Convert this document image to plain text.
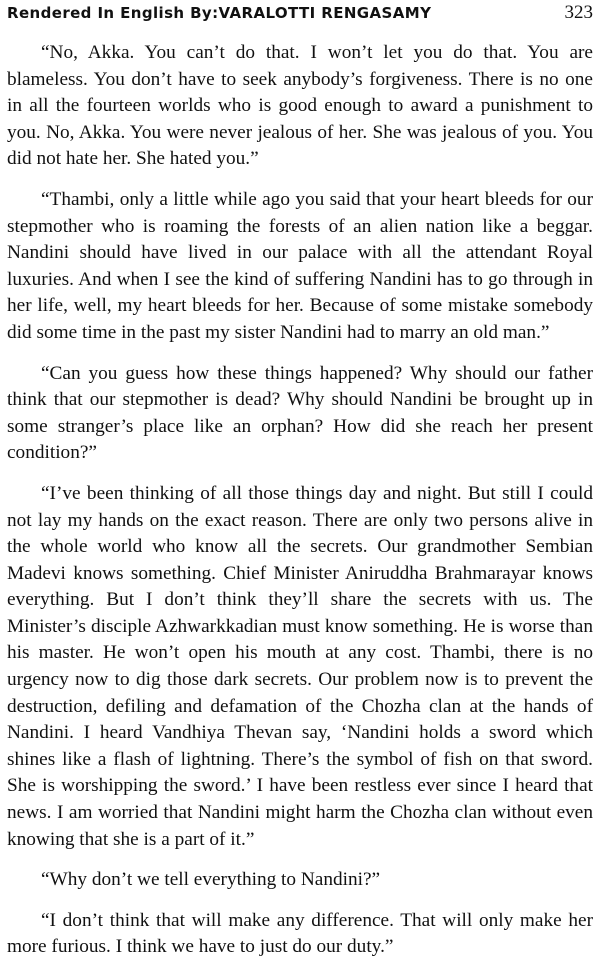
Rendered In English By:VARALOTTI RENGASAMY	323

“No, Akka. You can’t do that. I won’t let you do that. You are blameless. You don’t have to seek anybody’s forgiveness. There is no one in all the fourteen worlds who is good enough to award a punishment to you. No, Akka. You were never jealous of her. She was jealous of you. You did not hate her. She hated you.”

“Thambi, only a little while ago you said that your heart bleeds for our stepmother who is roaming the forests of an alien nation like a beggar. Nandini should have lived in our palace with all the attendant Royal luxuries. And when I see the kind of suffering Nandini has to go through in her life, well, my heart bleeds for her. Because of some mistake somebody did some time in the past my sister Nandini had to marry an old man.”

“Can you guess how these things happened? Why should our father think that our stepmother is dead? Why should Nandini be brought up in some stranger’s place like an orphan? How did she reach her present condition?”

“I’ve been thinking of all those things day and night. But still I could not lay my hands on the exact reason. There are only two persons alive in the whole world who know all the secrets. Our grandmother Sembian Madevi knows something. Chief Minister Aniruddha Brahmarayar knows everything. But I don’t think they’ll share the secrets with us. The Minister’s disciple Azhwarkkadian must know something. He is worse than his master. He won’t open his mouth at any cost. Thambi, there is no urgency now to dig those dark secrets. Our problem now is to prevent the destruction, defiling and defamation of the Chozha clan at the hands of Nandini. I heard Vandhiya Thevan say, ‘Nandini holds a sword which shines like a flash of lightning. There’s the symbol of fish on that sword. She is worshipping the sword.’ I have been restless ever since I heard that news. I am worried that Nandini might harm the Chozha clan without even knowing that she is a part of it.”

“Why don’t we tell everything to Nandini?”

“I don’t think that will make any difference. That will only make her more furious. I think we have to just do our duty.”
